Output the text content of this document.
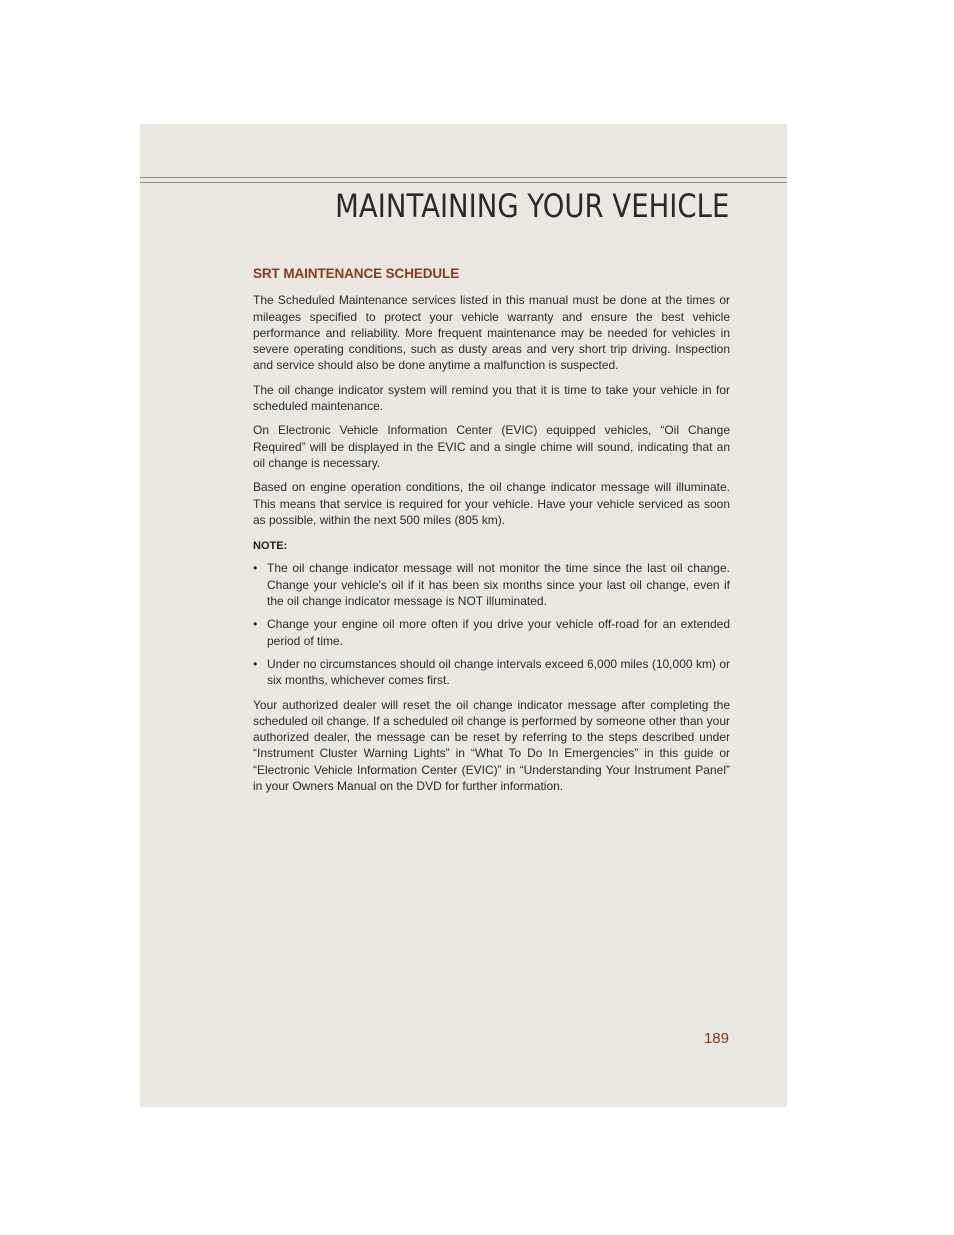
MAINTAINING YOUR VEHICLE
SRT MAINTENANCE SCHEDULE

The Scheduled Maintenance services listed in this manual must be done at the times or mileages specified to protect your vehicle warranty and ensure the best vehicle performance and reliability. More frequent maintenance may be needed for vehicles in severe operating conditions, such as dusty areas and very short trip driving. Inspection and service should also be done anytime a malfunction is suspected.

The oil change indicator system will remind you that it is time to take your vehicle in for scheduled maintenance.

On Electronic Vehicle Information Center (EVIC) equipped vehicles, “Oil Change Required” will be displayed in the EVIC and a single chime will sound, indicating that an oil change is necessary.

Based on engine operation conditions, the oil change indicator message will illuminate. This means that service is required for your vehicle. Have your vehicle serviced as soon as possible, within the next 500 miles (805 km).

NOTE:
• The oil change indicator message will not monitor the time since the last oil change. Change your vehicle's oil if it has been six months since your last oil change, even if the oil change indicator message is NOT illuminated.
• Change your engine oil more often if you drive your vehicle off-road for an extended period of time.
• Under no circumstances should oil change intervals exceed 6,000 miles (10,000 km) or six months, whichever comes first.

Your authorized dealer will reset the oil change indicator message after completing the scheduled oil change. If a scheduled oil change is performed by someone other than your authorized dealer, the message can be reset by referring to the steps described under “Instrument Cluster Warning Lights” in “What To Do In Emergencies” in this guide or “Electronic Vehicle Information Center (EVIC)” in “Understanding Your Instrument Panel” in your Owners Manual on the DVD for further information.

189
